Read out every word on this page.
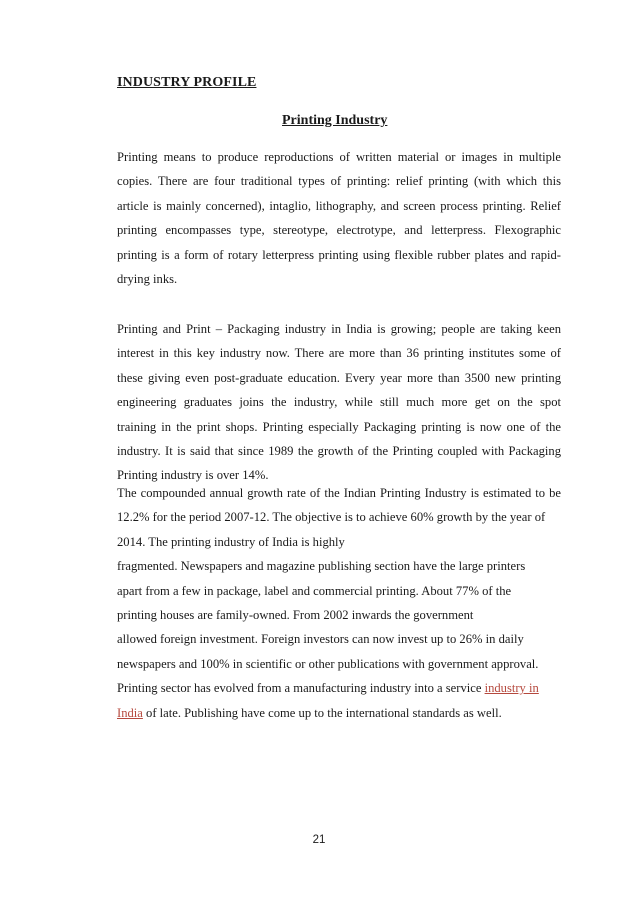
INDUSTRY PROFILE
Printing Industry
Printing means to produce reproductions of written material or images in multiple
copies. There are four traditional types of printing: relief printing (with which this
article is mainly concerned), intaglio, lithography, and screen process printing. Relief
printing encompasses type, stereotype, electrotype, and letterpress. Flexographic
printing is a form of rotary letterpress printing using flexible rubber plates and rapid-
drying inks.
Printing and Print – Packaging industry in India is growing; people are taking keen
interest in this key industry now. There are more than 36 printing institutes some of
these giving even post-graduate education. Every year more than 3500 new printing
engineering graduates joins the industry, while still much more get on the spot
training in the print shops. Printing especially Packaging printing is now one of the
industry. It is said that since 1989 the growth of the Printing coupled with Packaging
Printing industry is over 14%.
The compounded annual growth rate of the Indian Printing Industry is estimated to be
12.2% for the period 2007-12. The objective is to achieve 60% growth by the year of
2014. The printing industry of India is highly
fragmented. Newspapers and magazine publishing section have the large printers
apart from a few in package, label and commercial printing. About 77% of the
printing houses are family-owned. From 2002 inwards the government
allowed foreign investment. Foreign investors can now invest up to 26% in daily
newspapers and 100% in scientific or other publications with government approval.
Printing sector has evolved from a manufacturing industry into a service industry in
India of late. Publishing have come up to the international standards as well.
21
